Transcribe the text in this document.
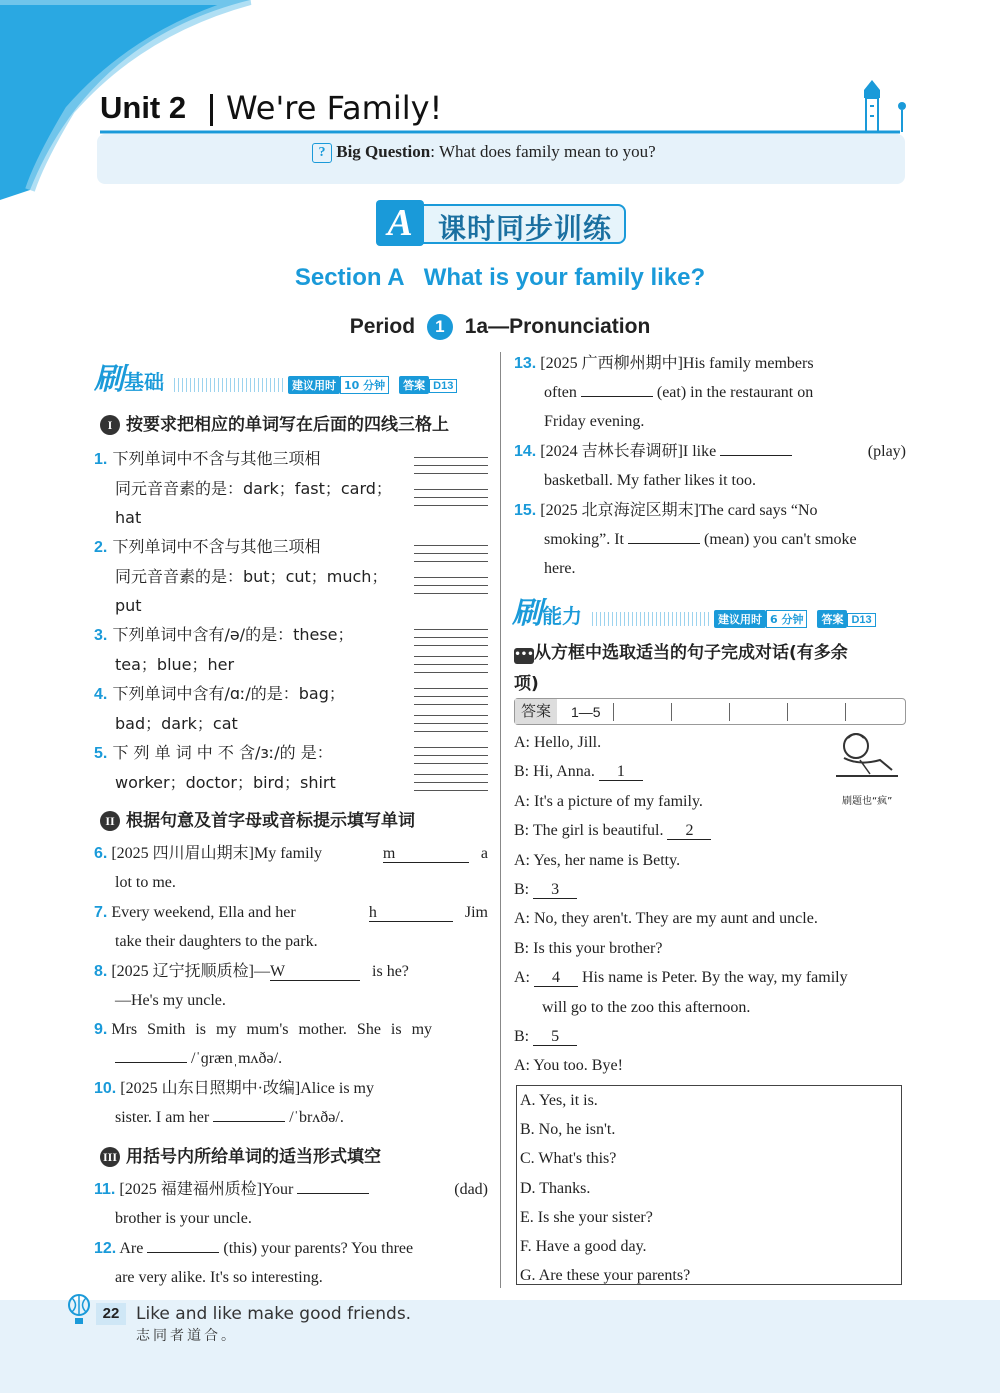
Unit 2 We're Family!
? Big Question: What does family mean to you?
A 课时同步训练
Section A   What is your family like?
Period 1 1a—Pronunciation
刷基础	建议用时 10 分钟 答案 D13
I 按要求把相应的单词写在后面的四线三格上
1. 下列单词中不含与其他三项相
同元音音素的是：dark；fast；card；
hat
2. 下列单词中不含与其他三项相
同元音音素的是：but；cut；much；
put
3. 下列单词中含有/ə/的是：these；
tea；blue；her
4. 下列单词中含有/ɑː/的是：bag；
bad；dark；cat
5. 下 列 单 词 中 不 含/ɜː/的 是：
worker；doctor；bird；shirt
II 根据句意及首字母或音标提示填写单词
6. [2025 四川眉山期末]My family	m	a
lot to me.
7. Every weekend, Ella and her	h	Jim
take their daughters to the park.
8. [2025 辽宁抚顺质检]—W	is he?
—He's my uncle.
9. Mrs Smith is my mum's mother. She is my
/ˈɡrænˌmʌðə/.
10. [2025 山东日照期中·改编]Alice is my
sister. I am her	/ˈbrʌðə/.
III 用括号内所给单词的适当形式填空
11. [2025 福建福州质检]Your	(dad)
brother is your uncle.
12. Are	(this) your parents? You three
are very alike. It's so interesting.
13. [2025 广西柳州期中]His family members
often	(eat) in the restaurant on
Friday evening.
14. [2024 吉林长春调研]I like	(play)
basketball. My father likes it too.
15. [2025 北京海淀区期末]The card says “No
smoking”. It	(mean) you can't smoke
here.
刷能力	建议用时 6 分钟 答案 D13
•••从方框中选取适当的句子完成对话(有多余
项)
答案	1—5
A: Hello, Jill.
B: Hi, Anna. 1
A: It's a picture of my family.
B: The girl is beautiful. 2
A: Yes, her name is Betty.
B: 3
A: No, they aren't. They are my aunt and uncle.
B: Is this your brother?
A: 4 His name is Peter. By the way, my family
will go to the zoo this afternoon.
B: 5
A: You too. Bye!
刷题也“疯”
A. Yes, it is.
B. No, he isn't.
C. What's this?
D. Thanks.
E. Is she your sister?
F. Have a good day.
G. Are these your parents?
22 Like and like make good friends.
志同者道合。
